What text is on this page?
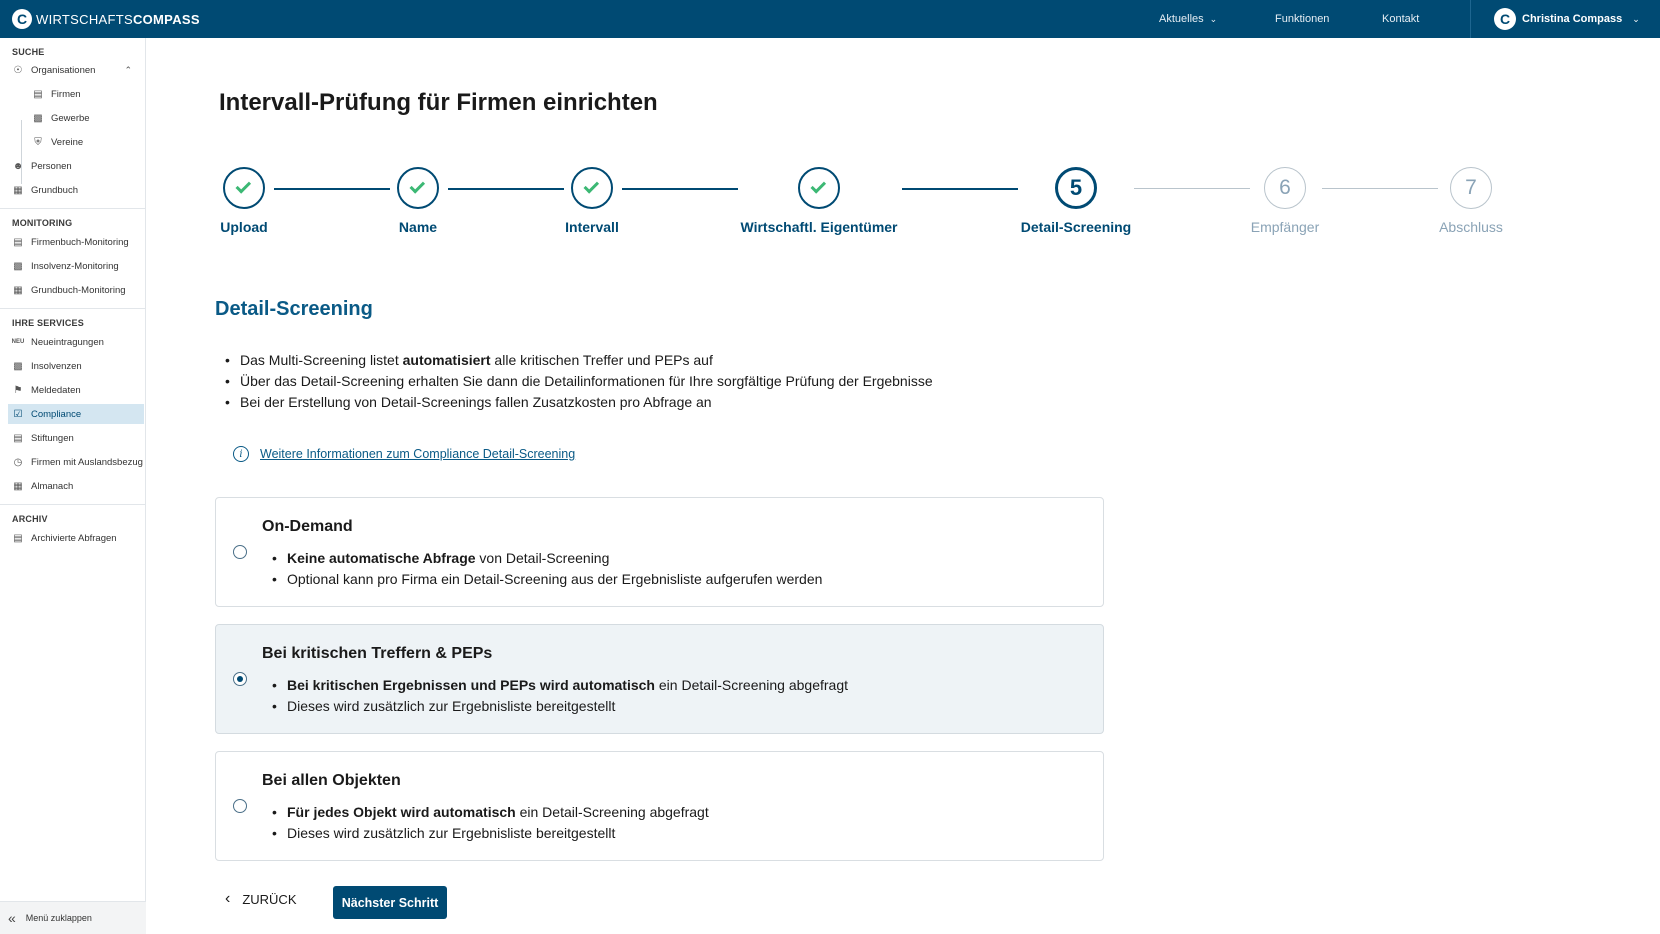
C WIRTSCHAFTSCOMPASS	Aktuelles ⌄	Funktionen	Kontakt	C	Christina Compass ⌄
SUCHE
☉ Organisationen	⌃
▤ Firmen
▩ Gewerbe
⛨ Vereine
☻ Personen
▦ Grundbuch
MONITORING
▤ Firmenbuch-Monitoring
▩ Insolvenz-Monitoring
▦ Grundbuch-Monitoring
IHRE SERVICES
NEU Neueintragungen
▩ Insolvenzen
⚑ Meldedaten
☑ Compliance
▤ Stiftungen
◷ Firmen mit Auslandsbezug
▦ Almanach
ARCHIV
▤ Archivierte Abfragen
« Menü zuklappen
Intervall-Prüfung für Firmen einrichten
5	6	7
Upload	Name	Intervall	Wirtschaftl. Eigentümer	Detail-Screening	Empfänger	Abschluss
Detail-Screening
• Das Multi-Screening listet automatisiert alle kritischen Treffer und PEPs auf
• Über das Detail-Screening erhalten Sie dann die Detailinformationen für Ihre sorgfältige Prüfung der Ergebnisse
• Bei der Erstellung von Detail-Screenings fallen Zusatzkosten pro Abfrage an
i	Weitere Informationen zum Compliance Detail-Screening
On-Demand
• Keine automatische Abfrage von Detail-Screening
• Optional kann pro Firma ein Detail-Screening aus der Ergebnisliste aufgerufen werden
Bei kritischen Treffern & PEPs
• Bei kritischen Ergebnissen und PEPs wird automatisch ein Detail-Screening abgefragt
• Dieses wird zusätzlich zur Ergebnisliste bereitgestellt
Bei allen Objekten
• Für jedes Objekt wird automatisch ein Detail-Screening abgefragt
• Dieses wird zusätzlich zur Ergebnisliste bereitgestellt
‹ ZURÜCK	Nächster Schritt
